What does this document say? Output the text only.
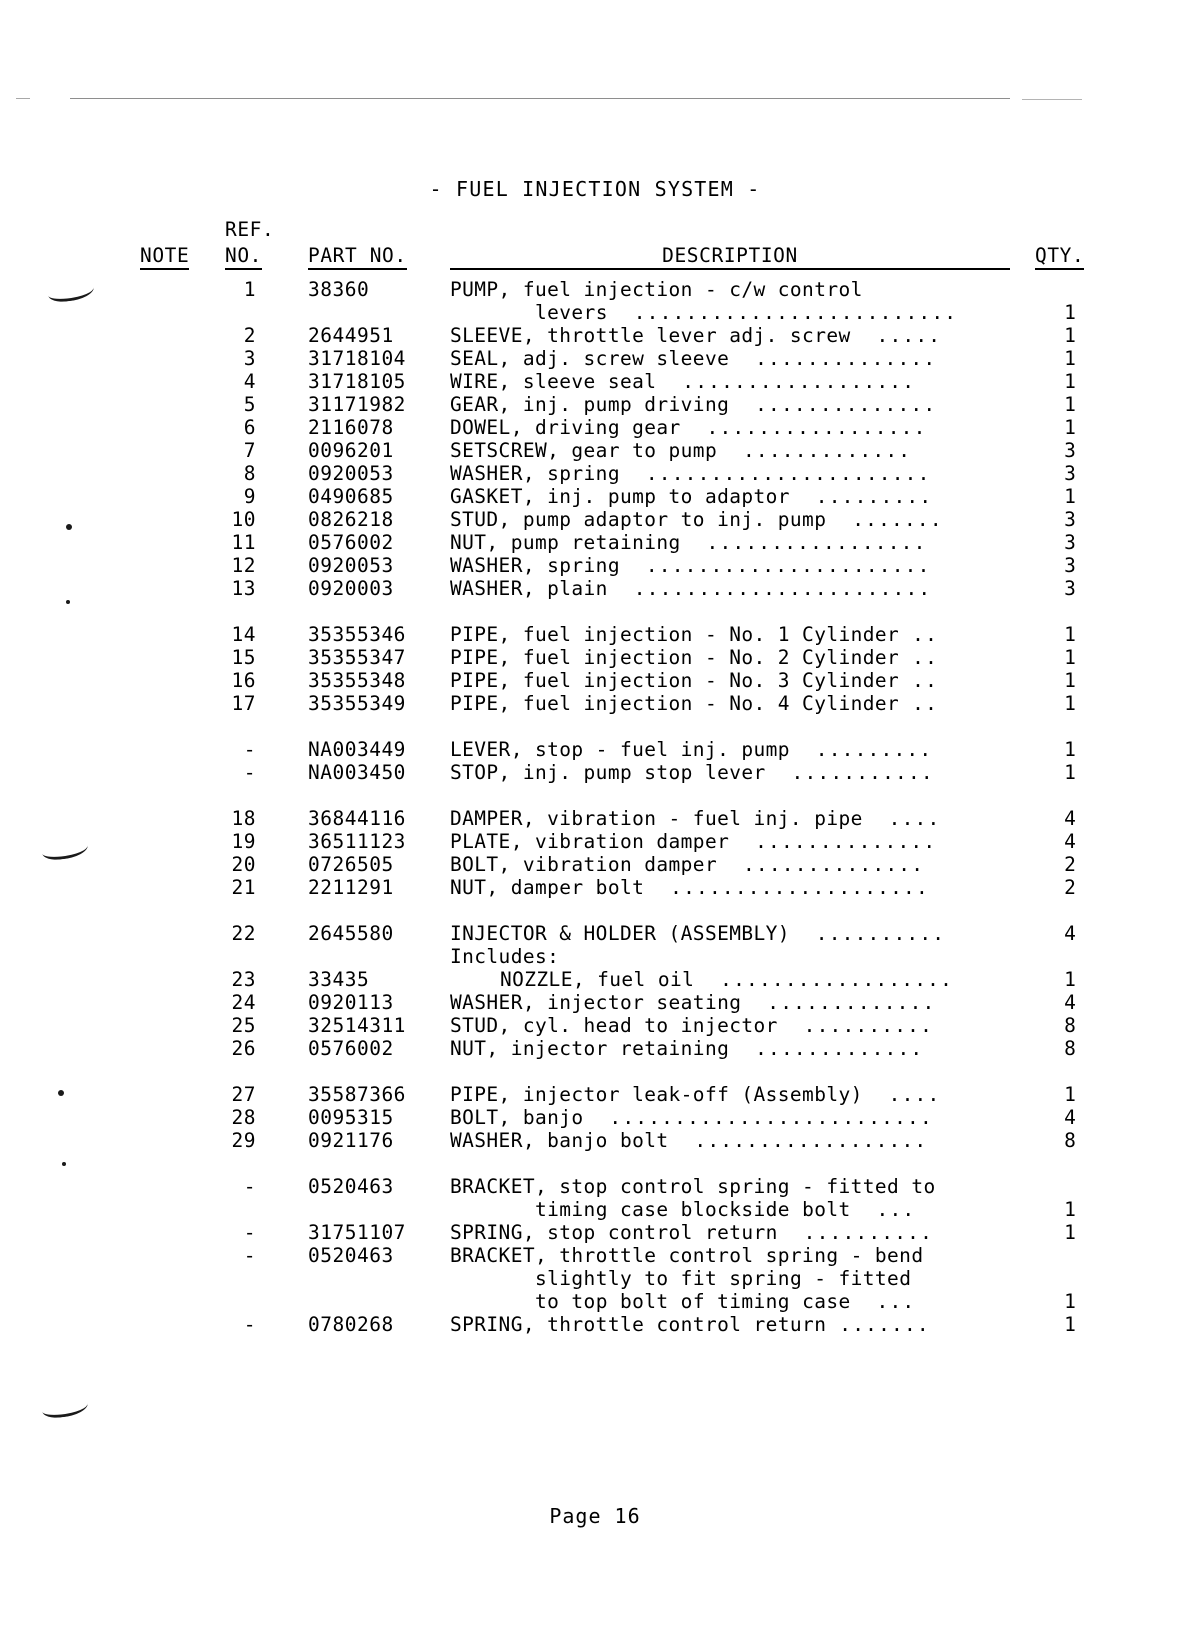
- FUEL INJECTION SYSTEM -
NOTE
REF.
NO. PART NO.	DESCRIPTION	QTY.
1	38360	PUMP, fuel injection - c/w control
levers  .........................	1
2	2644951	SLEEVE, throttle lever adj. screw  .....	1
3	31718104 SEAL, adj. screw sleeve  ..............	1
4	31718105 WIRE, sleeve seal  ..................	1
5	31171982 GEAR, inj. pump driving  ..............	1
6	2116078	DOWEL, driving gear  .................	1
7	0096201	SETSCREW, gear to pump  .............	3
8	0920053	WASHER, spring  ......................	3
9	0490685	GASKET, inj. pump to adaptor  .........	1
10	0826218	STUD, pump adaptor to inj. pump  .......	3
11	0576002	NUT, pump retaining  .................	3
12	0920053	WASHER, spring  ......................	3
13	0920003	WASHER, plain  .......................	3
14	35355346 PIPE, fuel injection - No. 1 Cylinder ..	1
15	35355347 PIPE, fuel injection - No. 2 Cylinder ..	1
16	35355348 PIPE, fuel injection - No. 3 Cylinder ..	1
17	35355349 PIPE, fuel injection - No. 4 Cylinder ..	1
-	NA003449 LEVER, stop - fuel inj. pump  .........	1
-	NA003450 STOP, inj. pump stop lever  ...........	1
18	36844116 DAMPER, vibration - fuel inj. pipe  ....	4
19	36511123 PLATE, vibration damper  ..............	4
20	0726505	BOLT, vibration damper  ..............	2
21	2211291	NUT, damper bolt  ....................	2
22	2645580	INJECTOR & HOLDER (ASSEMBLY)  ..........	4
Includes:
23	33435	NOZZLE, fuel oil  ..................	1
24	0920113	WASHER, injector seating  .............	4
25	32514311 STUD, cyl. head to injector  ..........	8
26	0576002	NUT, injector retaining  .............	8
27	35587366 PIPE, injector leak-off (Assembly)  ....	1
28	0095315	BOLT, banjo  .........................	4
29	0921176	WASHER, banjo bolt  ..................	8
-	0520463	BRACKET, stop control spring - fitted to
timing case blockside bolt  ...	1
-	31751107 SPRING, stop control return  ..........	1
-	0520463	BRACKET, throttle control spring - bend
slightly to fit spring - fitted
to top bolt of timing case  ...	1
-	0780268	SPRING, throttle control return .......	1
Page 16
